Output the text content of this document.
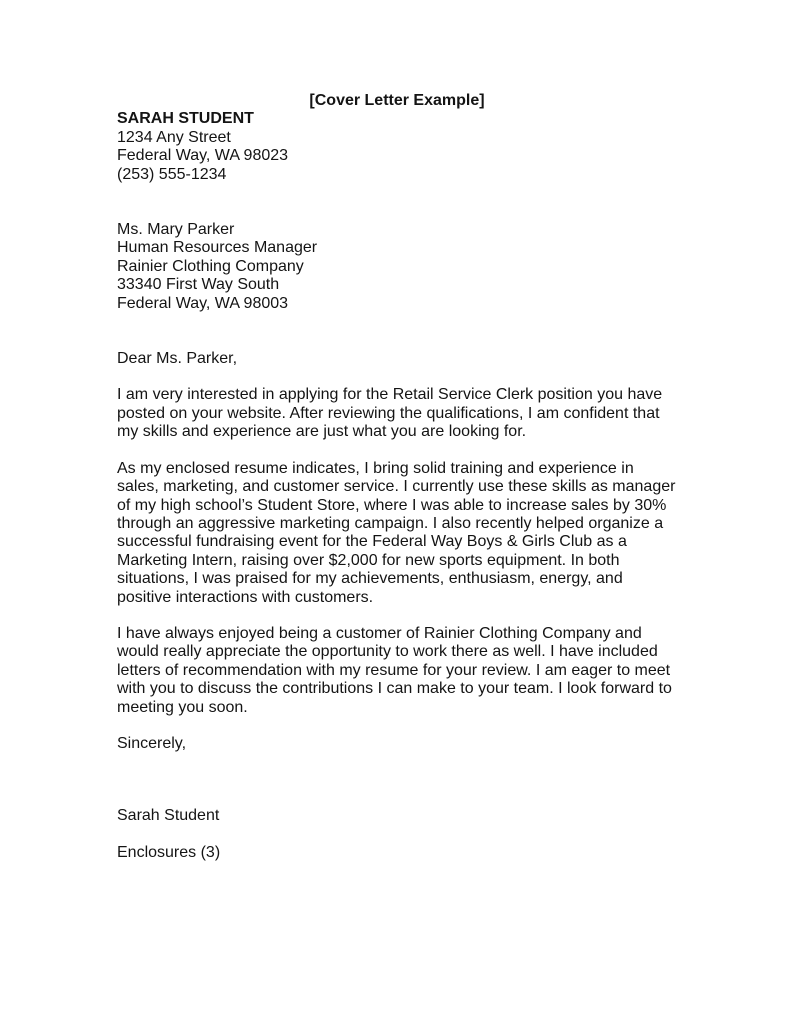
[Cover Letter Example]
SARAH STUDENT
1234 Any Street
Federal Way, WA 98023
(253) 555-1234
Ms. Mary Parker
Human Resources Manager
Rainier Clothing Company
33340 First Way South
Federal Way, WA 98003
Dear Ms. Parker,

I am very interested in applying for the Retail Service Clerk position you have posted on your website. After reviewing the qualifications, I am confident that my skills and experience are just what you are looking for.

As my enclosed resume indicates, I bring solid training and experience in sales, marketing, and customer service. I currently use these skills as manager of my high school’s Student Store, where I was able to increase sales by 30% through an aggressive marketing campaign. I also recently helped organize a successful fundraising event for the Federal Way Boys & Girls Club as a Marketing Intern, raising over $2,000 for new sports equipment. In both situations, I was praised for my achievements, enthusiasm, energy, and positive interactions with customers.

I have always enjoyed being a customer of Rainier Clothing Company and would really appreciate the opportunity to work there as well. I have included letters of recommendation with my resume for your review. I am eager to meet with you to discuss the contributions I can make to your team. I look forward to meeting you soon.

Sincerely,
Sarah Student
Enclosures (3)
